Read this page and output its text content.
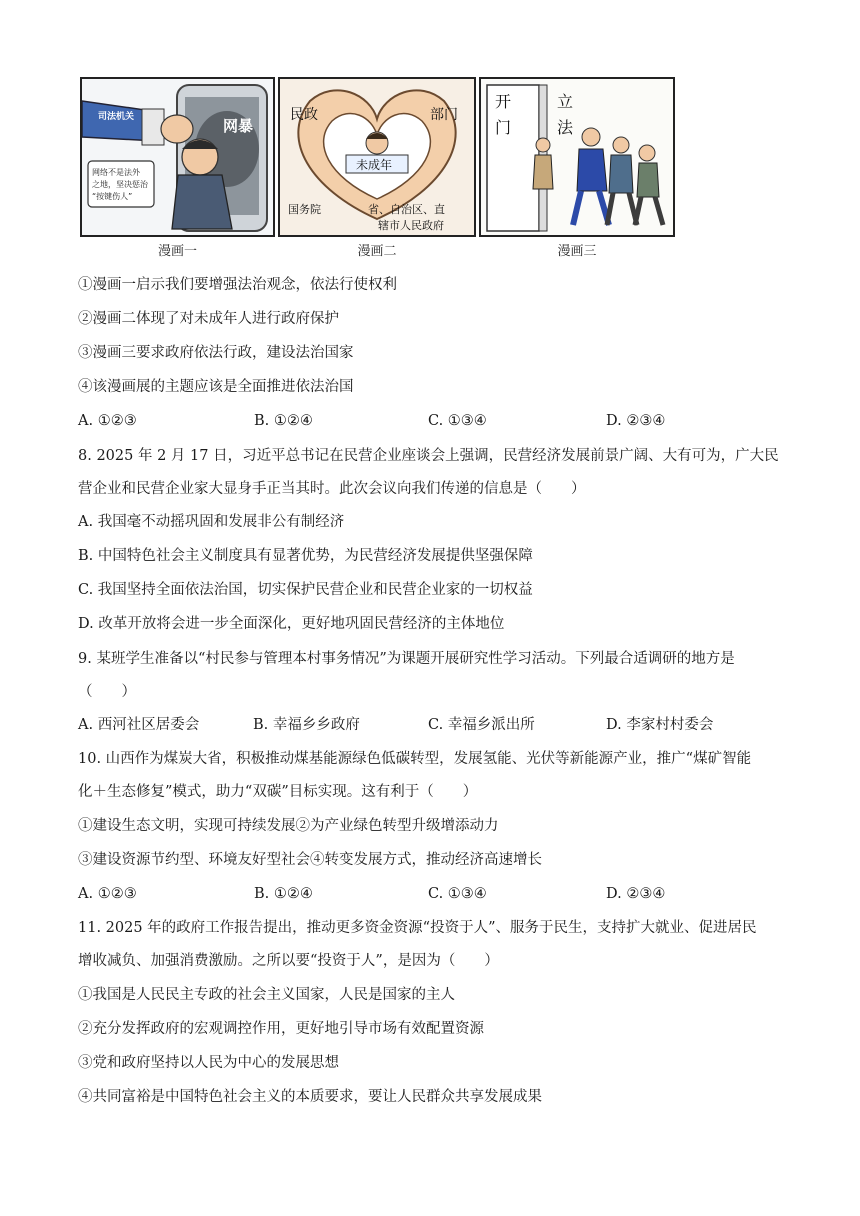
司法机关	网暴
网络不是法外
之地，坚决惩治
“按键伤人”
未成年
民政	部门
国务院	省、自治区、直
辖市人民政府
开
门
立
法
漫画一	漫画二	漫画三
①漫画一启示我们要增强法治观念，依法行使权利
②漫画二体现了对未成年人进行政府保护
③漫画三要求政府依法行政，建设法治国家
④该漫画展的主题应该是全面推进依法治国
A. ①②③	B. ①②④	C. ①③④	D. ②③④
8. 2025 年 2 月 17 日，习近平总书记在民营企业座谈会上强调，民营经济发展前景广阔、大有可为，广大民
营企业和民营企业家大显身手正当其时。此次会议向我们传递的信息是（　　）
A. 我国毫不动摇巩固和发展非公有制经济
B. 中国特色社会主义制度具有显著优势，为民营经济发展提供坚强保障
C. 我国坚持全面依法治国，切实保护民营企业和民营企业家的一切权益
D. 改革开放将会进一步全面深化，更好地巩固民营经济的主体地位
9. 某班学生准备以“村民参与管理本村事务情况”为课题开展研究性学习活动。下列最合适调研的地方是
（　　）
A. 西河社区居委会	B. 幸福乡乡政府	C. 幸福乡派出所	D. 李家村村委会
10. 山西作为煤炭大省，积极推动煤基能源绿色低碳转型，发展氢能、光伏等新能源产业，推广“煤矿智能
化＋生态修复”模式，助力“双碳”目标实现。这有利于（　　）
①建设生态文明，实现可持续发展②为产业绿色转型升级增添动力
③建设资源节约型、环境友好型社会④转变发展方式，推动经济高速增长
A. ①②③	B. ①②④	C. ①③④	D. ②③④
11. 2025 年的政府工作报告提出，推动更多资金资源“投资于人”、服务于民生，支持扩大就业、促进居民
增收减负、加强消费激励。之所以要“投资于人”，是因为（　　）
①我国是人民民主专政的社会主义国家，人民是国家的主人
②充分发挥政府的宏观调控作用，更好地引导市场有效配置资源
③党和政府坚持以人民为中心的发展思想
④共同富裕是中国特色社会主义的本质要求，要让人民群众共享发展成果
